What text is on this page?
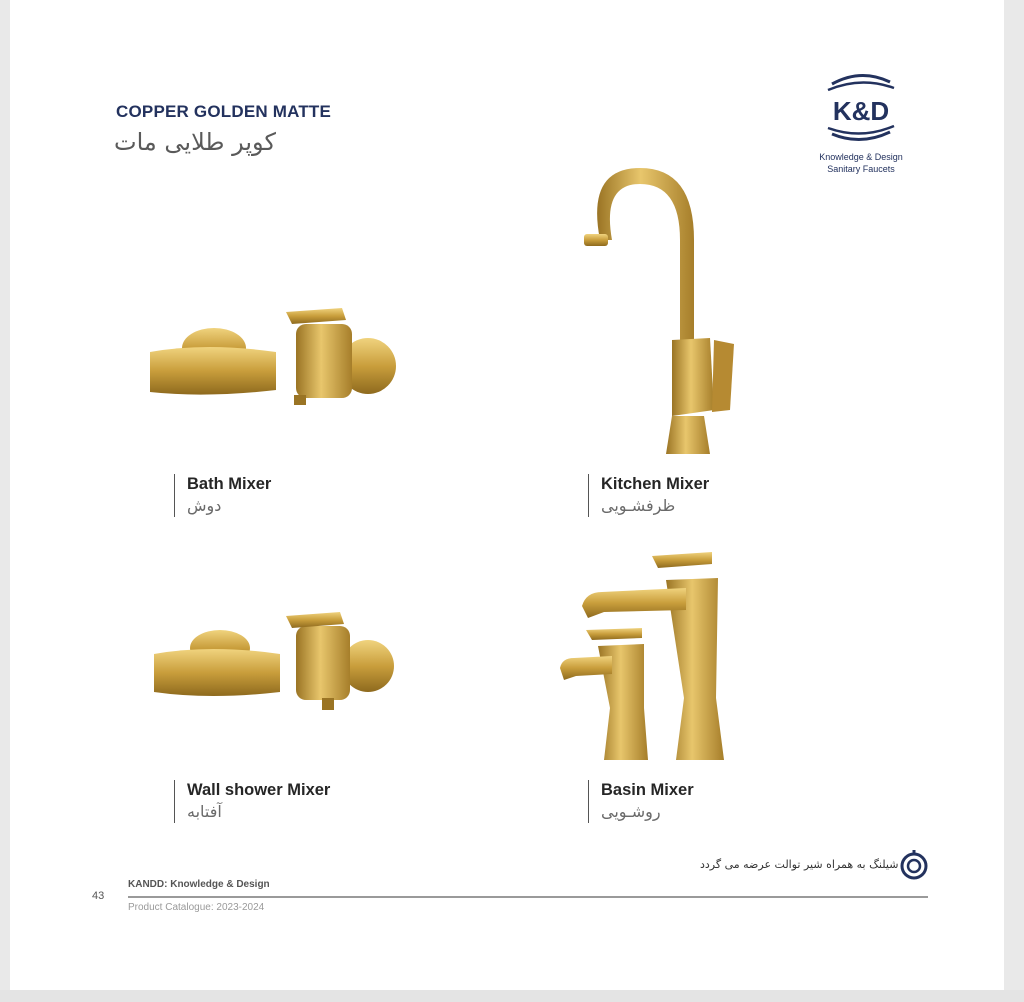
COPPER GOLDEN MATTE
کوپر طلایی مات
K&D
Knowledge & Design
Sanitary Faucets
Bath Mixer
دوش
Kitchen Mixer
ظرفشـویی
Wall shower Mixer
آفتابه
Basin Mixer
روشـویی
شیلنگ به همراه شیر توالت عرضه می گردد
43
KANDD: Knowledge & Design
Product Catalogue: 2023-2024
